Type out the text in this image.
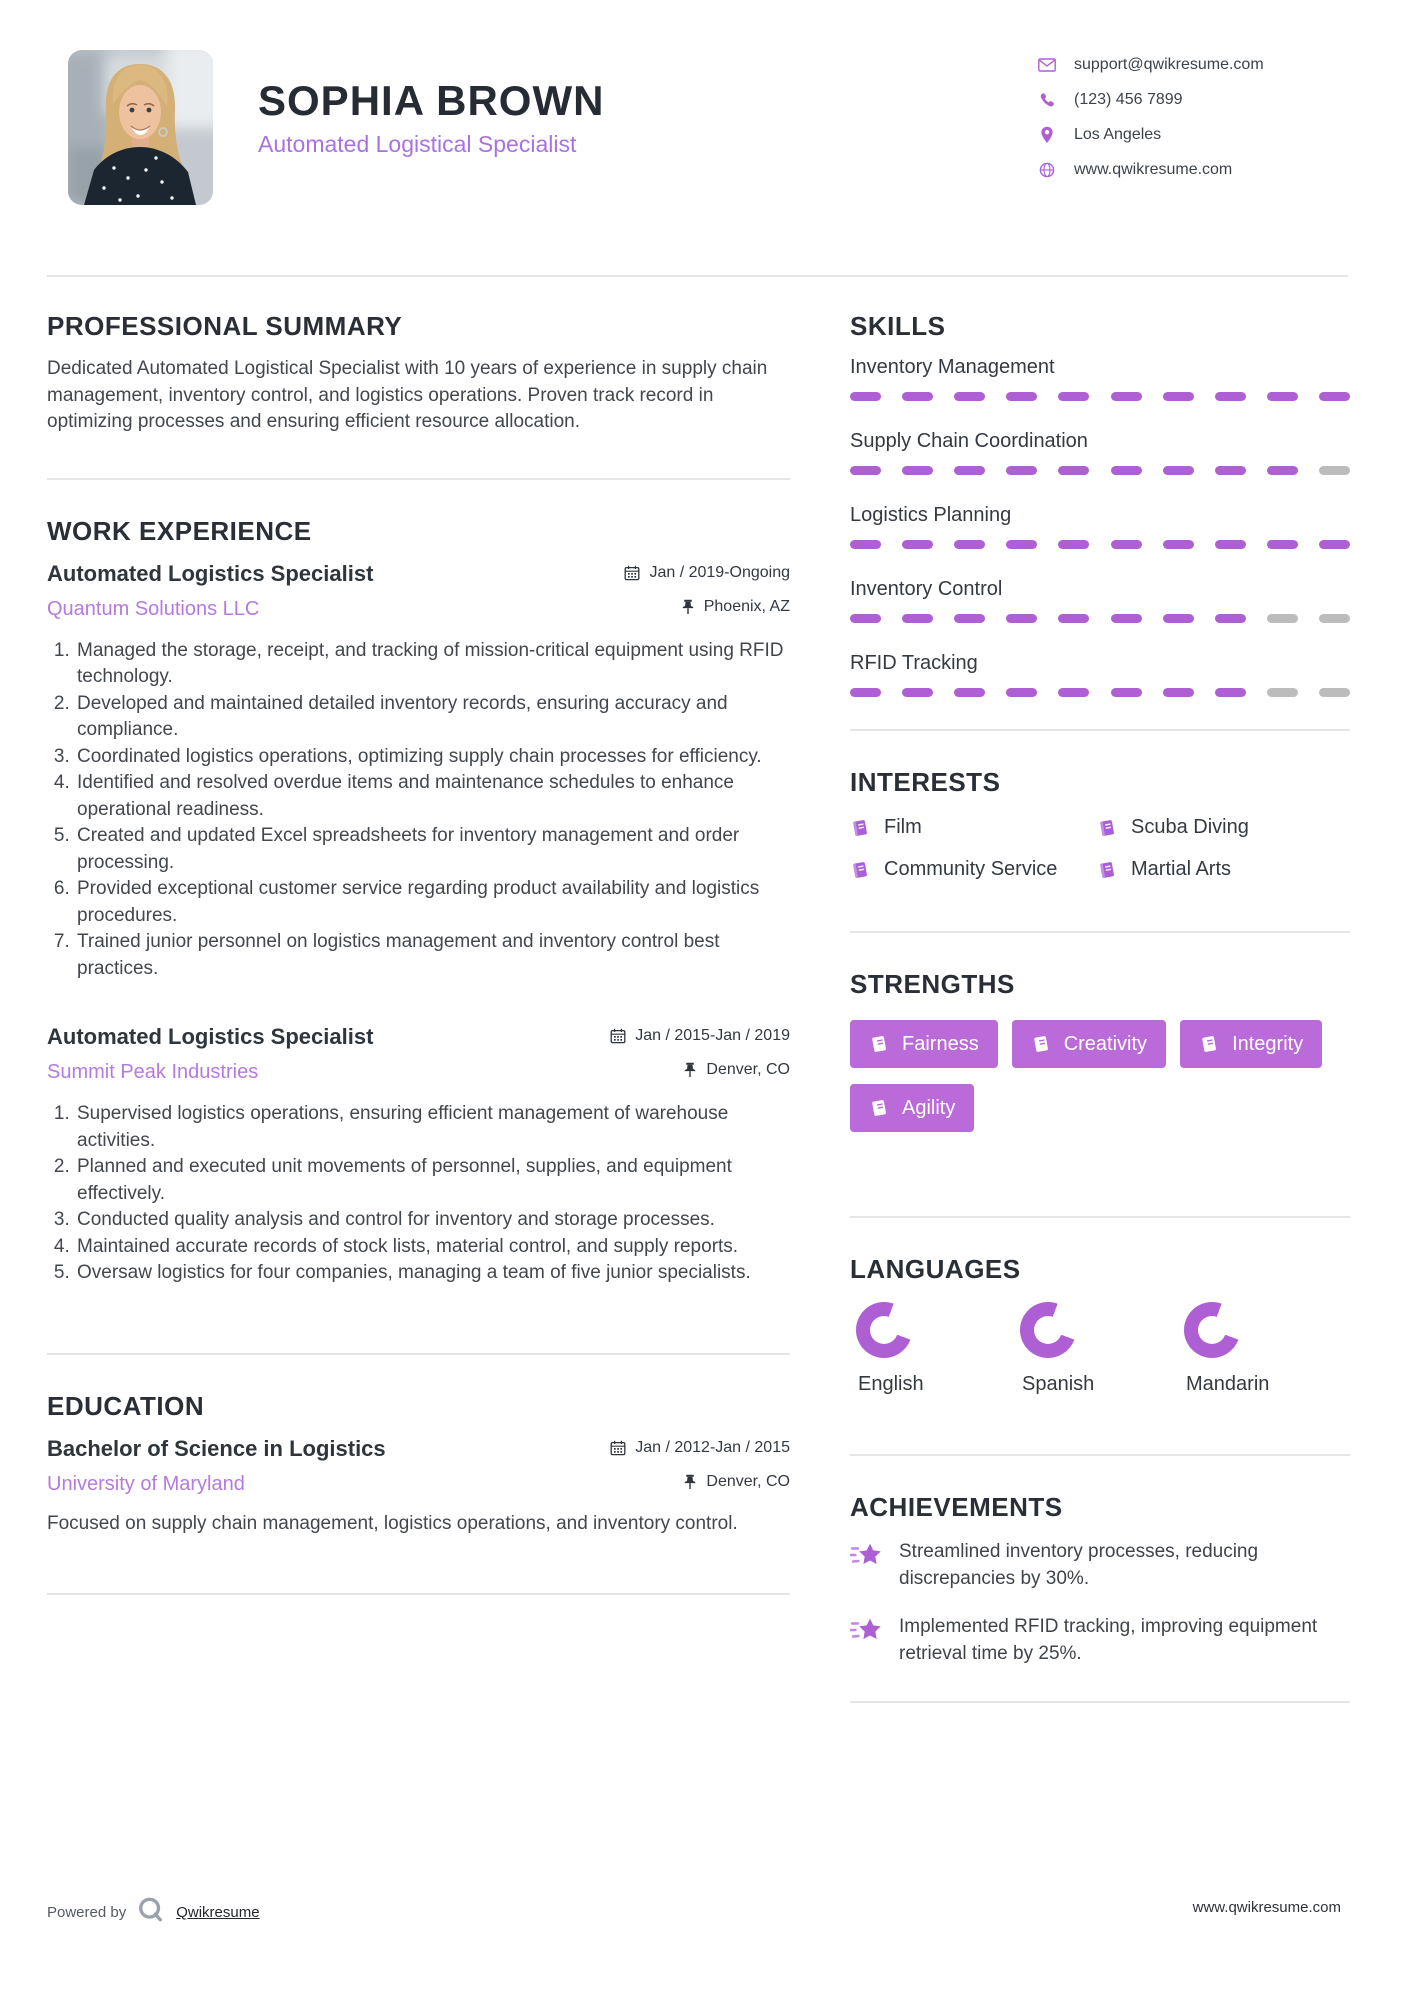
SOPHIA BROWN
Automated Logistical Specialist
support@qwikresume.com
(123) 456 7899
Los Angeles
www.qwikresume.com
PROFESSIONAL SUMMARY

Dedicated Automated Logistical Specialist with 10 years of experience in supply chain management, inventory control, and logistics operations. Proven track record in optimizing processes and ensuring efficient resource allocation.

WORK EXPERIENCE
Automated Logistics Specialist	Jan / 2019-Ongoing
Quantum Solutions LLC	Phoenix, AZ
1. Managed the storage, receipt, and tracking of mission-critical equipment using RFID technology.
2. Developed and maintained detailed inventory records, ensuring accuracy and compliance.
3. Coordinated logistics operations, optimizing supply chain processes for efficiency.
4. Identified and resolved overdue items and maintenance schedules to enhance operational readiness.
5. Created and updated Excel spreadsheets for inventory management and order processing.
6. Provided exceptional customer service regarding product availability and logistics procedures.
7. Trained junior personnel on logistics management and inventory control best practices.
Automated Logistics Specialist	Jan / 2015-Jan / 2019
Summit Peak Industries	Denver, CO
1. Supervised logistics operations, ensuring efficient management of warehouse activities.
2. Planned and executed unit movements of personnel, supplies, and equipment effectively.
3. Conducted quality analysis and control for inventory and storage processes.
4. Maintained accurate records of stock lists, material control, and supply reports.
5. Oversaw logistics for four companies, managing a team of five junior specialists.
EDUCATION
Bachelor of Science in Logistics	Jan / 2012-Jan / 2015
University of Maryland	Denver, CO
Focused on supply chain management, logistics operations, and inventory control.
SKILLS
Inventory Management
Supply Chain Coordination
Logistics Planning
Inventory Control
RFID Tracking
INTERESTS
Film	Scuba Diving
Community Service	Martial Arts
STRENGTHS
Fairness	Creativity	Integrity
Agility
LANGUAGES
English	Spanish	Mandarin
ACHIEVEMENTS
Streamlined inventory processes, reducing discrepancies by 30%.
Implemented RFID tracking, improving equipment retrieval time by 25%.
Powered by	Qwikresume	www.qwikresume.com
